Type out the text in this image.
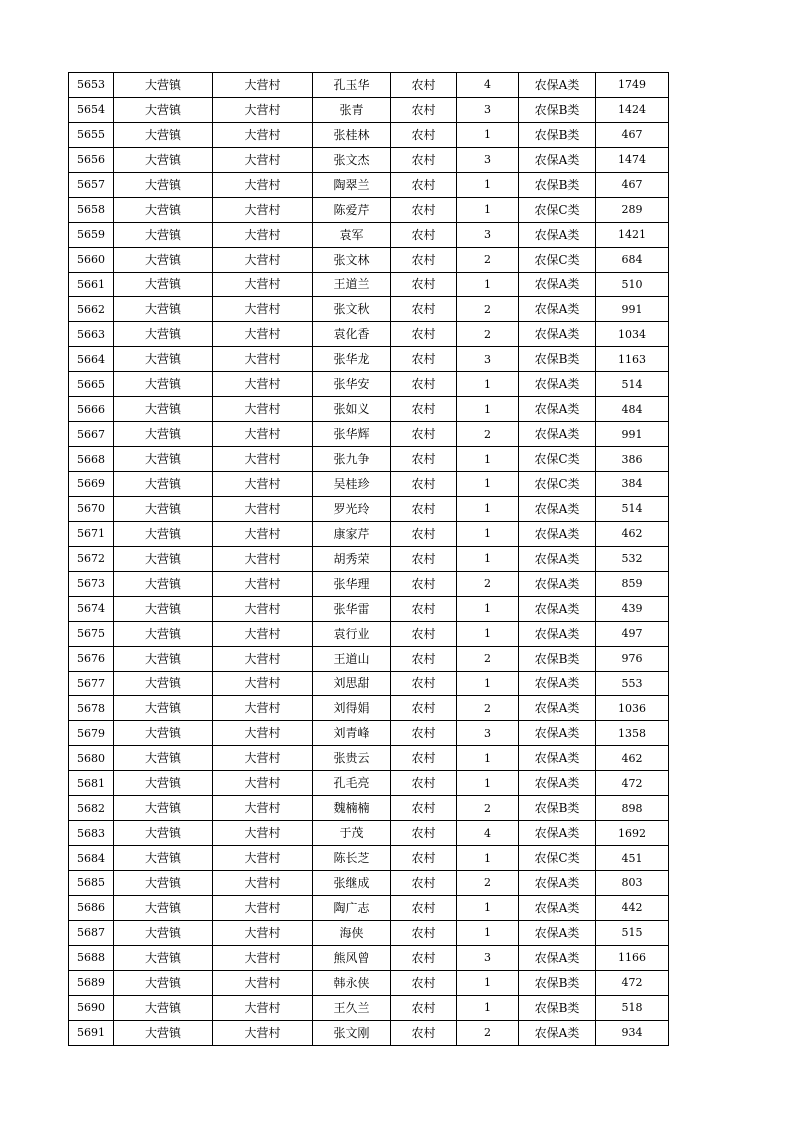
5653	大营镇	大营村	孔玉华	农村	4	农保A类	1749
5654	大营镇	大营村	张青	农村	3	农保B类	1424
5655	大营镇	大营村	张桂林	农村	1	农保B类	467
5656	大营镇	大营村	张文杰	农村	3	农保A类	1474
5657	大营镇	大营村	陶翠兰	农村	1	农保B类	467
5658	大营镇	大营村	陈爱芹	农村	1	农保C类	289
5659	大营镇	大营村	袁军	农村	3	农保A类	1421
5660	大营镇	大营村	张文林	农村	2	农保C类	684
5661	大营镇	大营村	王道兰	农村	1	农保A类	510
5662	大营镇	大营村	张文秋	农村	2	农保A类	991
5663	大营镇	大营村	袁化香	农村	2	农保A类	1034
5664	大营镇	大营村	张华龙	农村	3	农保B类	1163
5665	大营镇	大营村	张华安	农村	1	农保A类	514
5666	大营镇	大营村	张如义	农村	1	农保A类	484
5667	大营镇	大营村	张华辉	农村	2	农保A类	991
5668	大营镇	大营村	张九争	农村	1	农保C类	386
5669	大营镇	大营村	吴桂珍	农村	1	农保C类	384
5670	大营镇	大营村	罗光玲	农村	1	农保A类	514
5671	大营镇	大营村	康家芹	农村	1	农保A类	462
5672	大营镇	大营村	胡秀荣	农村	1	农保A类	532
5673	大营镇	大营村	张华理	农村	2	农保A类	859
5674	大营镇	大营村	张华雷	农村	1	农保A类	439
5675	大营镇	大营村	袁行业	农村	1	农保A类	497
5676	大营镇	大营村	王道山	农村	2	农保B类	976
5677	大营镇	大营村	刘思甜	农村	1	农保A类	553
5678	大营镇	大营村	刘得娟	农村	2	农保A类	1036
5679	大营镇	大营村	刘青峰	农村	3	农保A类	1358
5680	大营镇	大营村	张贵云	农村	1	农保A类	462
5681	大营镇	大营村	孔毛亮	农村	1	农保A类	472
5682	大营镇	大营村	魏楠楠	农村	2	农保B类	898
5683	大营镇	大营村	于茂	农村	4	农保A类	1692
5684	大营镇	大营村	陈长芝	农村	1	农保C类	451
5685	大营镇	大营村	张继成	农村	2	农保A类	803
5686	大营镇	大营村	陶广志	农村	1	农保A类	442
5687	大营镇	大营村	海侠	农村	1	农保A类	515
5688	大营镇	大营村	熊风曾	农村	3	农保A类	1166
5689	大营镇	大营村	韩永侠	农村	1	农保B类	472
5690	大营镇	大营村	王久兰	农村	1	农保B类	518
5691	大营镇	大营村	张文刚	农村	2	农保A类	934
